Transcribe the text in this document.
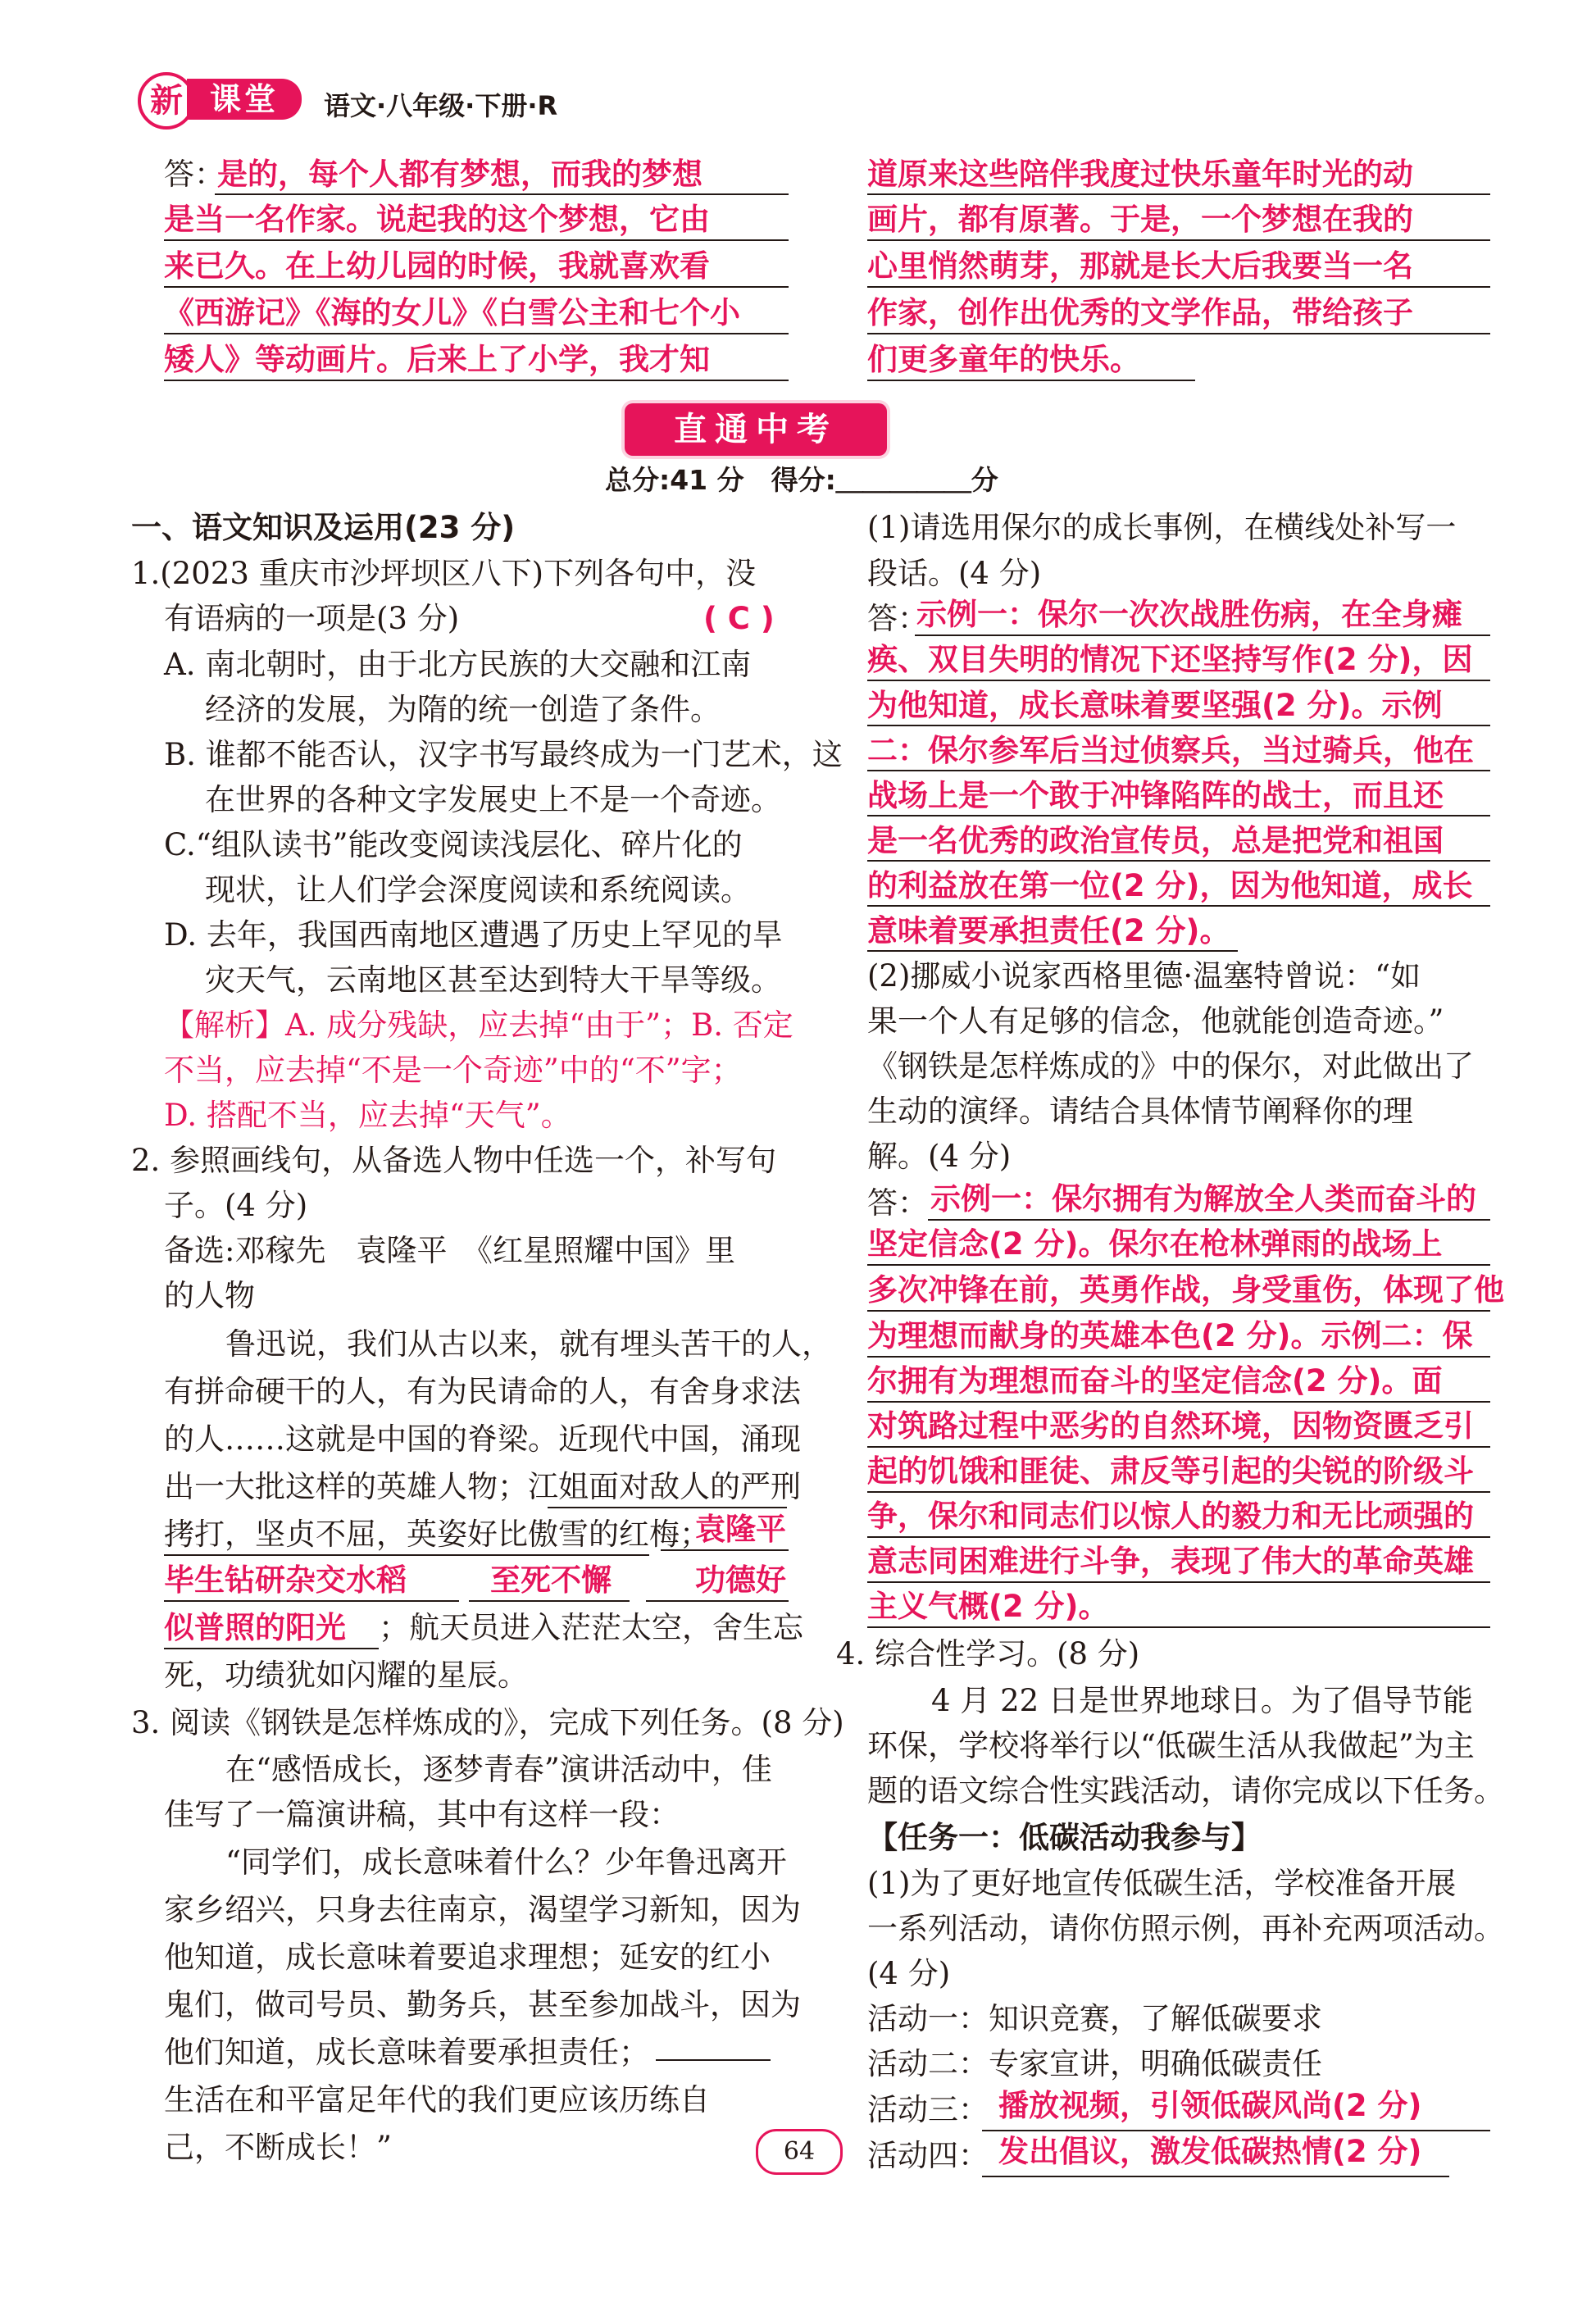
新 课堂	语文·八年级·下册·R
答：
是的，每个人都有梦想，而我的梦想
是当一名作家。说起我的这个梦想，它由
来已久。在上幼儿园的时候，我就喜欢看
《西游记》《海的女儿》《白雪公主和七个小
矮人》等动画片。后来上了小学，我才知
道原来这些陪伴我度过快乐童年时光的动
画片，都有原著。于是，一个梦想在我的
心里悄然萌芽，那就是长大后我要当一名
作家，创作出优秀的文学作品，带给孩子
们更多童年的快乐。
直通中考
总分:41 分　得分:＿＿＿＿＿分
一、语文知识及运用(23 分)
1.(2023 重庆市沙坪坝区八下)下列各句中，没
有语病的一项是(3 分)	( C )
A. 南北朝时，由于北方民族的大交融和江南
经济的发展，为隋的统一创造了条件。
B. 谁都不能否认，汉字书写最终成为一门艺术，这
在世界的各种文字发展史上不是一个奇迹。
C.“组队读书”能改变阅读浅层化、碎片化的
现状，让人们学会深度阅读和系统阅读。
D. 去年，我国西南地区遭遇了历史上罕见的旱
灾天气，云南地区甚至达到特大干旱等级。
【解析】A. 成分残缺，应去掉“由于”；B. 否定
不当，应去掉“不是一个奇迹”中的“不”字；
D. 搭配不当，应去掉“天气”。
2. 参照画线句，从备选人物中任选一个，补写句
子。(4 分)
备选:邓稼先　袁隆平　《红星照耀中国》里
的人物
鲁迅说，我们从古以来，就有埋头苦干的人，
有拼命硬干的人，有为民请命的人，有舍身求法
的人……这就是中国的脊梁。近现代中国，涌现
出一大批这样的英雄人物；江姐面对敌人的严刑
拷打，坚贞不屈，英姿好比傲雪的红梅；
袁隆平
毕生钻研杂交水稻	至死不懈	功德好
似普照的阳光 ；航天员进入茫茫太空，舍生忘
死，功绩犹如闪耀的星辰。
3. 阅读《钢铁是怎样炼成的》，完成下列任务。(8 分)
在“感悟成长，逐梦青春”演讲活动中，佳
佳写了一篇演讲稿，其中有这样一段：
“同学们，成长意味着什么？少年鲁迅离开
家乡绍兴，只身去往南京，渴望学习新知，因为
他知道，成长意味着要追求理想；延安的红小
鬼们，做司号员、勤务兵，甚至参加战斗，因为
他们知道，成长意味着要承担责任；
生活在和平富足年代的我们更应该历练自
己，不断成长！”
(1)请选用保尔的成长事例，在横线处补写一
段话。(4 分)
答：
示例一：保尔一次次战胜伤病，在全身瘫
痪、双目失明的情况下还坚持写作(2 分)，因
为他知道，成长意味着要坚强(2 分)。示例
二：保尔参军后当过侦察兵，当过骑兵，他在
战场上是一个敢于冲锋陷阵的战士，而且还
是一名优秀的政治宣传员，总是把党和祖国
的利益放在第一位(2 分)，因为他知道，成长
意味着要承担责任(2 分)。
(2)挪威小说家西格里德·温塞特曾说：“如
果一个人有足够的信念，他就能创造奇迹。”
《钢铁是怎样炼成的》中的保尔，对此做出了
生动的演绎。请结合具体情节阐释你的理
解。(4 分)
答： 示例一：保尔拥有为解放全人类而奋斗的
坚定信念(2 分)。保尔在枪林弹雨的战场上
多次冲锋在前，英勇作战，身受重伤，体现了他
为理想而献身的英雄本色(2 分)。示例二：保
尔拥有为理想而奋斗的坚定信念(2 分)。面
对筑路过程中恶劣的自然环境，因物资匮乏引
起的饥饿和匪徒、肃反等引起的尖锐的阶级斗
争，保尔和同志们以惊人的毅力和无比顽强的
意志同困难进行斗争，表现了伟大的革命英雄
主义气概(2 分)。
4. 综合性学习。(8 分)
4 月 22 日是世界地球日。为了倡导节能
环保，学校将举行以“低碳生活从我做起”为主
题的语文综合性实践活动，请你完成以下任务。
【任务一：低碳活动我参与】
(1)为了更好地宣传低碳生活，学校准备开展
一系列活动，请你仿照示例，再补充两项活动。
(4 分)
活动一：知识竞赛，了解低碳要求
活动二：专家宣讲，明确低碳责任
活动三： 播放视频，引领低碳风尚(2 分)
活动四： 发出倡议，激发低碳热情(2 分)
64
